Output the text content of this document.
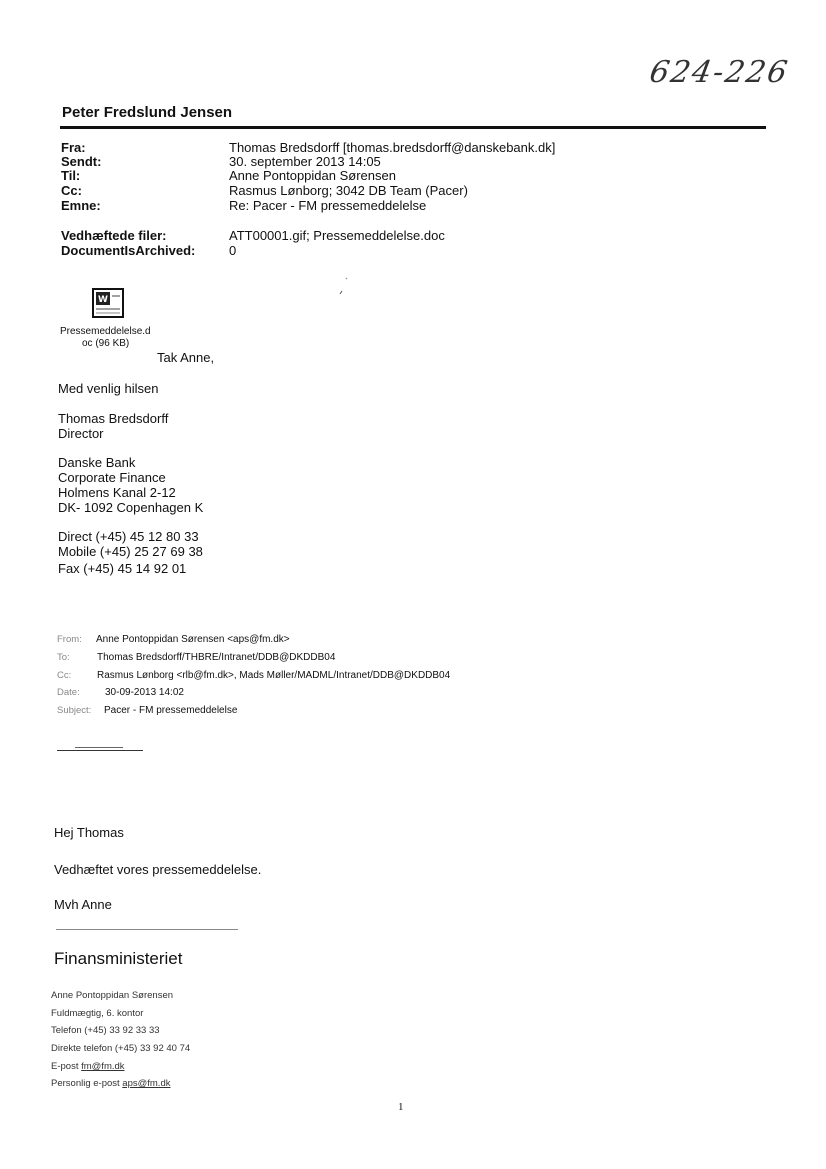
624-226
Peter Fredslund Jensen
Fra:	Thomas Bredsdorff [thomas.bredsdorff@danskebank.dk]
Sendt:	30. september 2013 14:05
Til:	Anne Pontoppidan Sørensen
Cc:	Rasmus Lønborg; 3042 DB Team (Pacer)
Emne:	Re: Pacer - FM pressemeddelelse
Vedhæftede filer:	ATT00001.gif; Pressemeddelelse.doc
DocumentIsArchived:	0
W
Pressemeddelelse.d
oc (96 KB)
Tak Anne,
Med venlig hilsen
Thomas Bredsdorff
Director
Danske Bank
Corporate Finance
Holmens Kanal 2-12
DK- 1092 Copenhagen K
Direct (+45) 45 12 80 33
Mobile (+45) 25 27 69 38
Fax (+45) 45 14 92 01
From: Anne Pontoppidan Sørensen <aps@fm.dk>
To:	Thomas Bredsdorff/THBRE/Intranet/DDB@DKDDB04
Cc:	Rasmus Lønborg <rlb@fm.dk>, Mads Møller/MADML/Intranet/DDB@DKDDB04
Date:	30-09-2013 14:02
Subject: Pacer - FM pressemeddelelse
Hej Thomas
Vedhæftet vores pressemeddelelse.
Mvh Anne
Finansministeriet
Anne Pontoppidan Sørensen
Fuldmægtig, 6. kontor
Telefon (+45) 33 92 33 33
Direkte telefon (+45) 33 92 40 74
E-post fm@fm.dk
Personlig e-post aps@fm.dk
1
